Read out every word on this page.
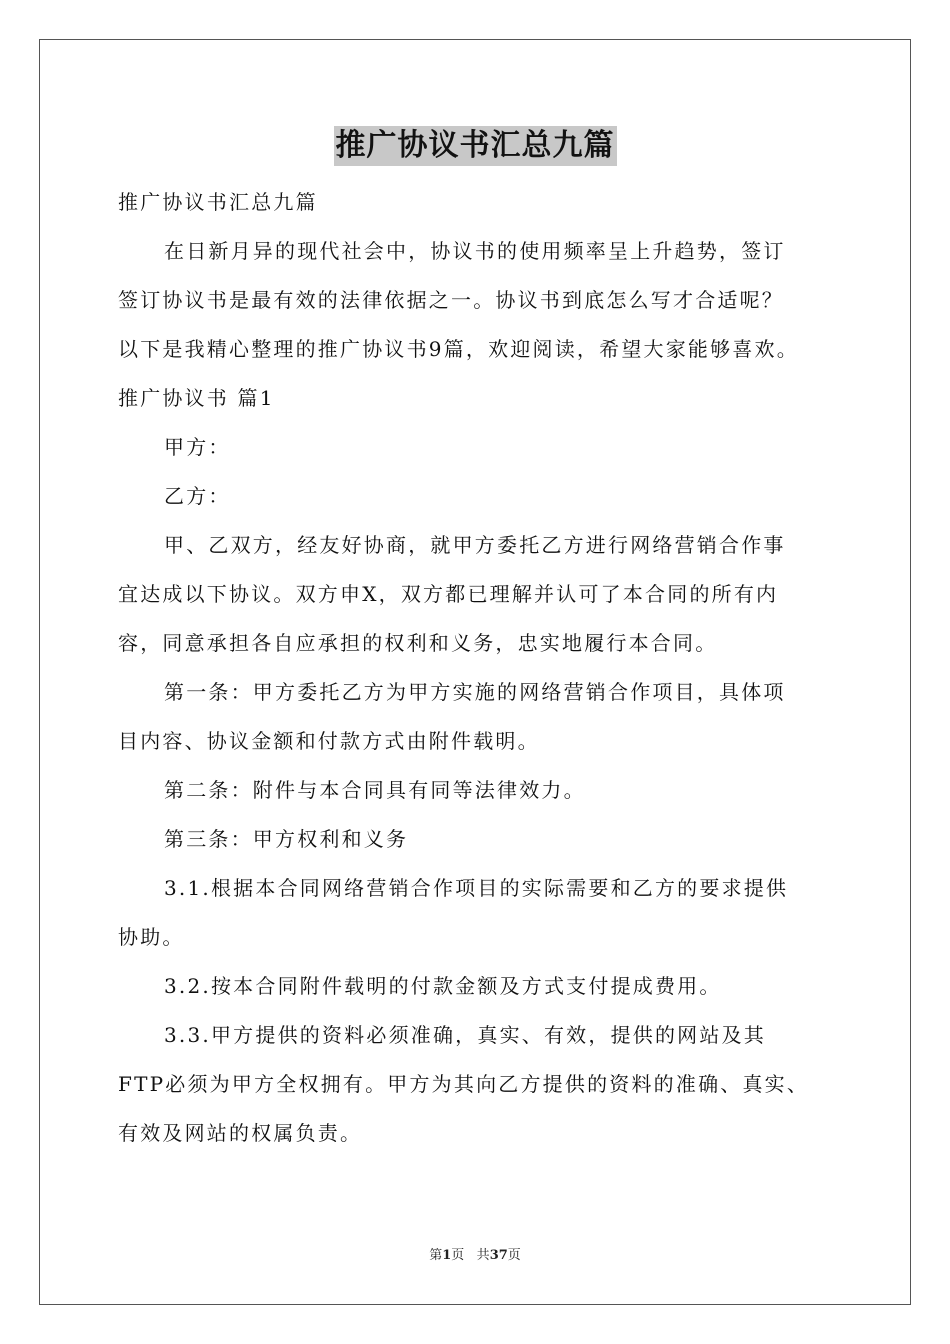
推广协议书汇总九篇

推广协议书汇总九篇

在日新月异的现代社会中，协议书的使用频率呈上升趋势，签订

签订协议书是最有效的法律依据之一。协议书到底怎么写才合适呢？

以下是我精心整理的推广协议书9篇，欢迎阅读，希望大家能够喜欢。

推广协议书 篇1

甲方：

乙方：

甲、乙双方，经友好协商，就甲方委托乙方进行网络营销合作事

宜达成以下协议。双方申X，双方都已理解并认可了本合同的所有内

容，同意承担各自应承担的权利和义务，忠实地履行本合同。

第一条：甲方委托乙方为甲方实施的网络营销合作项目，具体项

目内容、协议金额和付款方式由附件载明。

第二条：附件与本合同具有同等法律效力。

第三条：甲方权利和义务

3.1.根据本合同网络营销合作项目的实际需要和乙方的要求提供

协助。

3.2.按本合同附件载明的付款金额及方式支付提成费用。

3.3.甲方提供的资料必须准确，真实、有效，提供的网站及其

FTP必须为甲方全权拥有。甲方为其向乙方提供的资料的准确、真实、

有效及网站的权属负责。

第1页 共37页
